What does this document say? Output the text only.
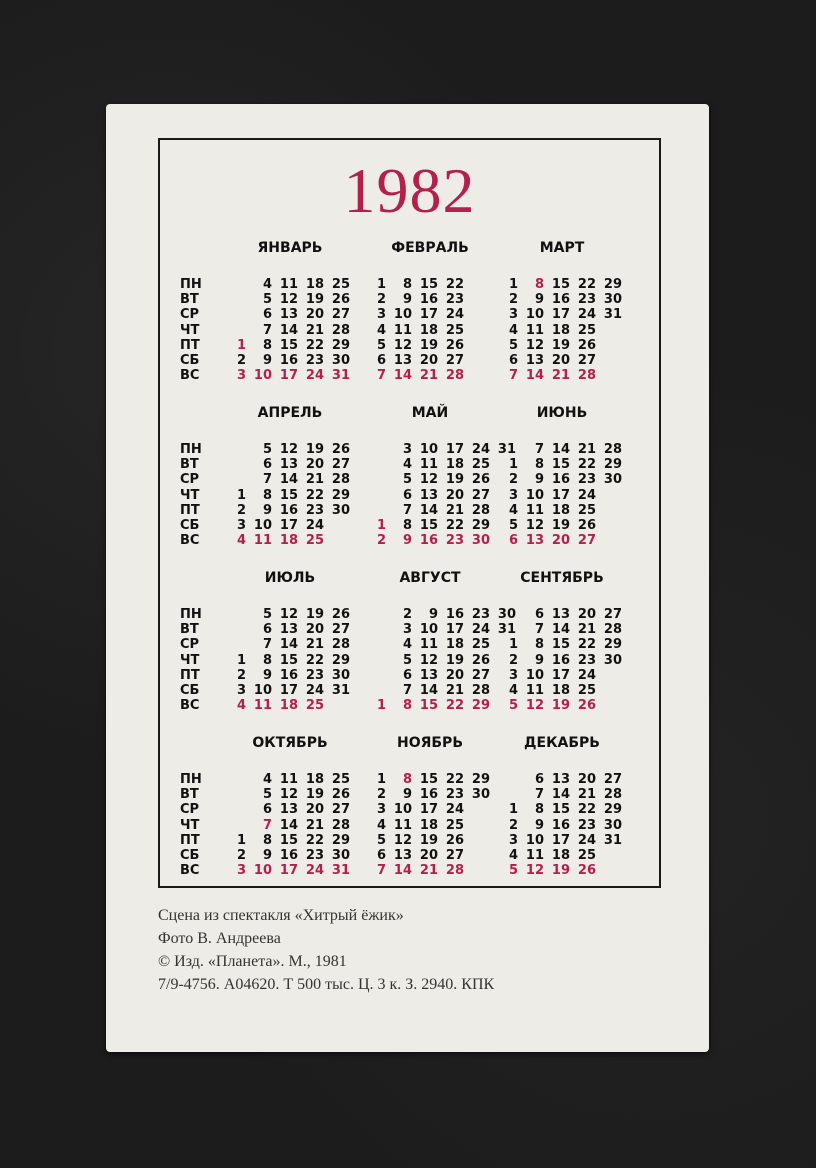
1982
ПН
ВТ
СР
ЧТ
ПТ
СБ
ВС
ЯНВАРЬ
1
2
3
4
5
6
7
8
9
10
11
12
13
14
15
16
17
18
19
20
21
22
23
24
25
26
27
28
29
30
31
ФЕВРАЛЬ
1
2
3
4
5
6
7
8
9
10
11
12
13
14
15
16
17
18
19
20
21
22
23
24
25
26
27
28
МАРТ
1
2
3
4
5
6
7
8
9
10
11
12
13
14
15
16
17
18
19
20
21
22
23
24
25
26
27
28
29
30
31
ПН
ВТ
СР
ЧТ
ПТ
СБ
ВС
АПРЕЛЬ
1
2
3
4
5
6
7
8
9
10
11
12
13
14
15
16
17
18
19
20
21
22
23
24
25
26
27
28
29
30
МАЙ
1
2
3
4
5
6
7
8
9
10
11
12
13
14
15
16
17
18
19
20
21
22
23
24
25
26
27
28
29
30
31
ИЮНЬ
1
2
3
4
5
6
7
8
9
10
11
12
13
14
15
16
17
18
19
20
21
22
23
24
25
26
27
28
29
30
ПН
ВТ
СР
ЧТ
ПТ
СБ
ВС
ИЮЛЬ
1
2
3
4
5
6
7
8
9
10
11
12
13
14
15
16
17
18
19
20
21
22
23
24
25
26
27
28
29
30
31
АВГУСТ
1
2
3
4
5
6
7
8
9
10
11
12
13
14
15
16
17
18
19
20
21
22
23
24
25
26
27
28
29
30
31
СЕНТЯБРЬ
1
2
3
4
5
6
7
8
9
10
11
12
13
14
15
16
17
18
19
20
21
22
23
24
25
26
27
28
29
30
ПН
ВТ
СР
ЧТ
ПТ
СБ
ВС
ОКТЯБРЬ
1
2
3
4
5
6
7
8
9
10
11
12
13
14
15
16
17
18
19
20
21
22
23
24
25
26
27
28
29
30
31
НОЯБРЬ
1
2
3
4
5
6
7
8
9
10
11
12
13
14
15
16
17
18
19
20
21
22
23
24
25
26
27
28
29
30
ДЕКАБРЬ
1
2
3
4
5
6
7
8
9
10
11
12
13
14
15
16
17
18
19
20
21
22
23
24
25
26
27
28
29
30
31
Сцена из спектакля «Хитрый ёжик»
Фото В. Андреева
© Изд. «Планета». М., 1981
7/9-4756. А04620. Т 500 тыс. Ц. 3 к. З. 2940. КПК
